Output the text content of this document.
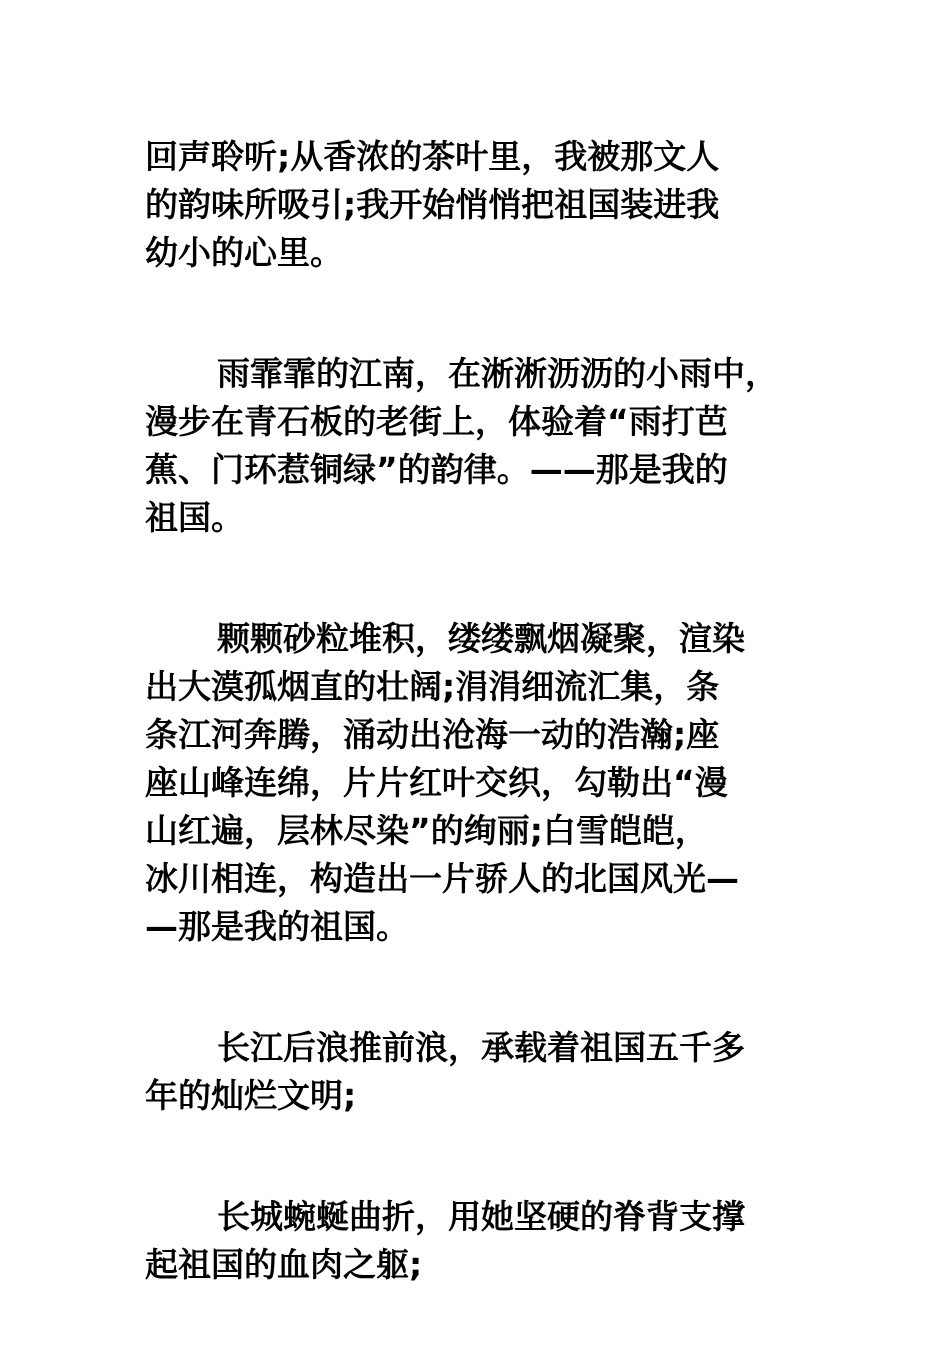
回声聆听;从香浓的茶叶里，我被那文人
的韵味所吸引;我开始悄悄把祖国装进我
幼小的心里。

雨霏霏的江南，在淅淅沥沥的小雨中，
漫步在青石板的老街上，体验着“雨打芭
蕉、门环惹铜绿”的韵律。——那是我的
祖国。

颗颗砂粒堆积，缕缕飘烟凝聚，渲染
出大漠孤烟直的壮阔;涓涓细流汇集，条
条江河奔腾，涌动出沧海一动的浩瀚;座
座山峰连绵，片片红叶交织，勾勒出“漫
山红遍，层林尽染”的绚丽;白雪皑皑，
冰川相连，构造出一片骄人的北国风光—
—那是我的祖国。

长江后浪推前浪，承载着祖国五千多
年的灿烂文明;

长城蜿蜒曲折，用她坚硬的脊背支撑
起祖国的血肉之躯;
